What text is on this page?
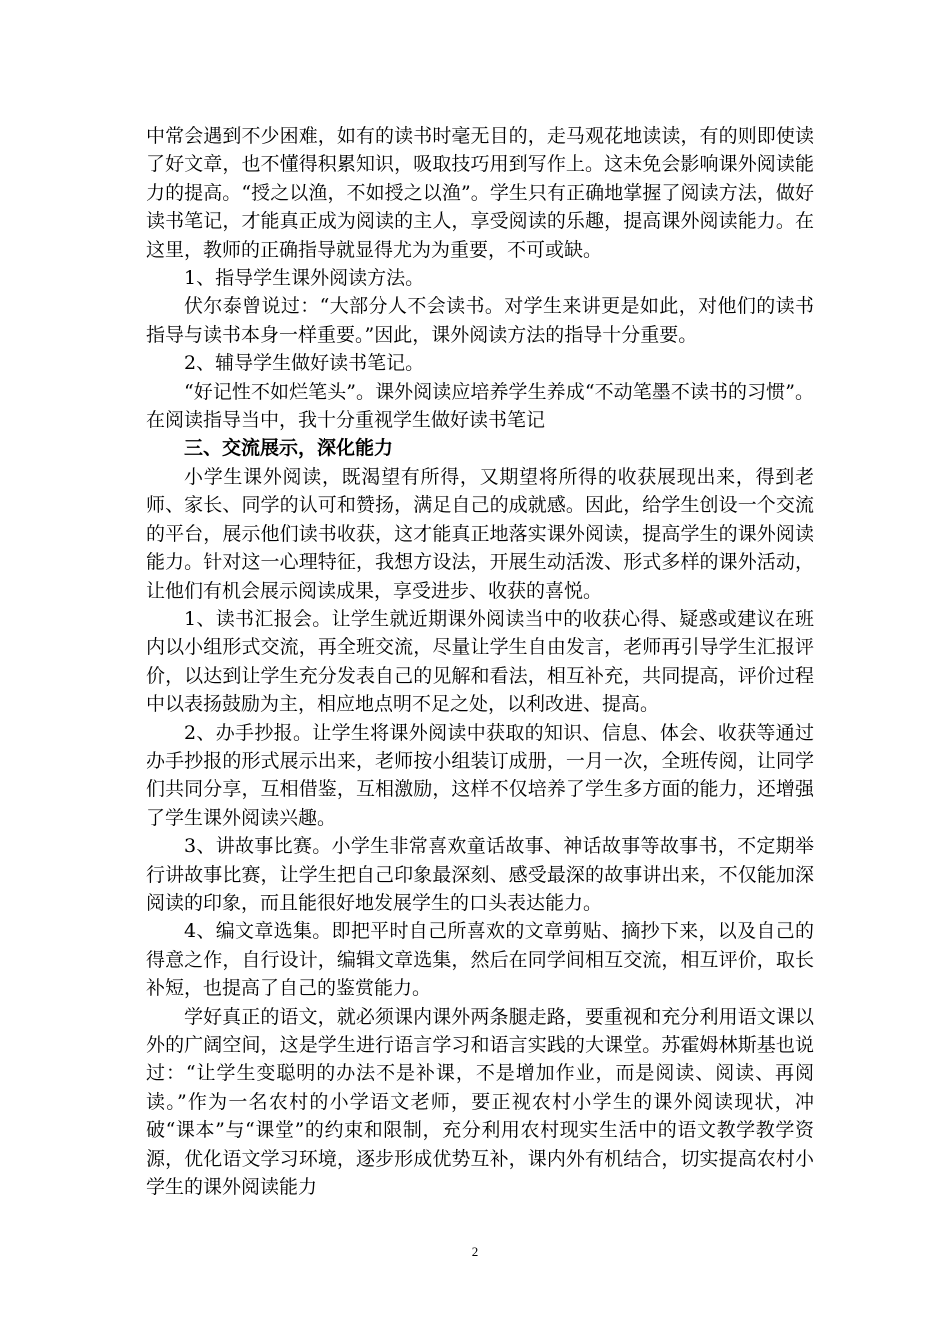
中常会遇到不少困难，如有的读书时毫无目的，走马观花地读读，有的则即使读了好文章，也不懂得积累知识，吸取技巧用到写作上。这未免会影响课外阅读能力的提高。“授之以渔，不如授之以渔”。学生只有正确地掌握了阅读方法，做好读书笔记，才能真正成为阅读的主人，享受阅读的乐趣，提高课外阅读能力。在这里，教师的正确指导就显得尤为为重要，不可或缺。

1、指导学生课外阅读方法。

伏尔泰曾说过：“大部分人不会读书。对学生来讲更是如此，对他们的读书指导与读书本身一样重要。”因此，课外阅读方法的指导十分重要。

2、辅导学生做好读书笔记。

“好记性不如烂笔头”。课外阅读应培养学生养成“不动笔墨不读书的习惯”。在阅读指导当中，我十分重视学生做好读书笔记

三、交流展示，深化能力

小学生课外阅读，既渴望有所得，又期望将所得的收获展现出来，得到老师、家长、同学的认可和赞扬，满足自己的成就感。因此，给学生创设一个交流的平台，展示他们读书收获，这才能真正地落实课外阅读，提高学生的课外阅读能力。针对这一心理特征，我想方设法，开展生动活泼、形式多样的课外活动，让他们有机会展示阅读成果，享受进步、收获的喜悦。

1、读书汇报会。让学生就近期课外阅读当中的收获心得、疑惑或建议在班内以小组形式交流，再全班交流，尽量让学生自由发言，老师再引导学生汇报评价，以达到让学生充分发表自己的见解和看法，相互补充，共同提高，评价过程中以表扬鼓励为主，相应地点明不足之处，以利改进、提高。

2、办手抄报。让学生将课外阅读中获取的知识、信息、体会、收获等通过办手抄报的形式展示出来，老师按小组装订成册，一月一次，全班传阅，让同学们共同分享，互相借鉴，互相激励，这样不仅培养了学生多方面的能力，还增强了学生课外阅读兴趣。

3、讲故事比赛。小学生非常喜欢童话故事、神话故事等故事书，不定期举行讲故事比赛，让学生把自己印象最深刻、感受最深的故事讲出来，不仅能加深阅读的印象，而且能很好地发展学生的口头表达能力。

4、编文章选集。即把平时自己所喜欢的文章剪贴、摘抄下来，以及自己的得意之作，自行设计，编辑文章选集，然后在同学间相互交流，相互评价，取长补短，也提高了自己的鉴赏能力。

学好真正的语文，就必须课内课外两条腿走路，要重视和充分利用语文课以外的广阔空间，这是学生进行语言学习和语言实践的大课堂。苏霍姆林斯基也说过：“让学生变聪明的办法不是补课，不是增加作业，而是阅读、阅读、再阅读。”作为一名农村的小学语文老师，要正视农村小学生的课外阅读现状，冲破“课本”与“课堂”的约束和限制，充分利用农村现实生活中的语文教学教学资源，优化语文学习环境，逐步形成优势互补，课内外有机结合，切实提高农村小学生的课外阅读能力

2
